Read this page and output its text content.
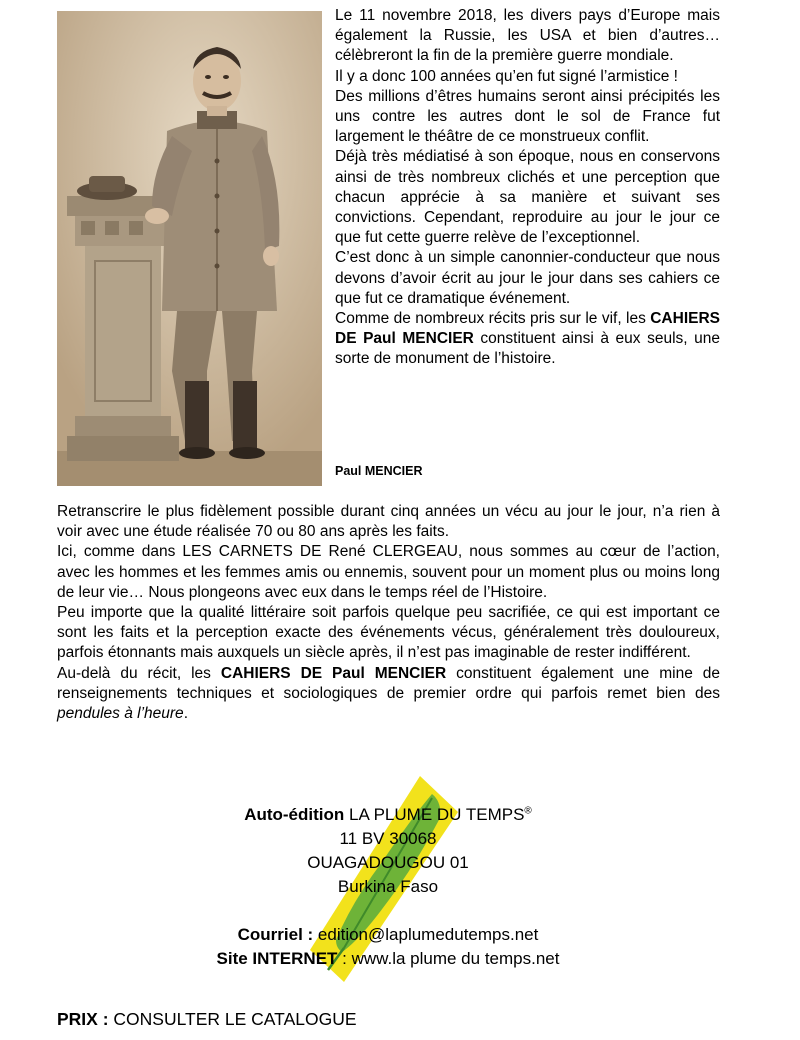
Le 11 novembre 2018, les divers pays d’Europe mais également la Russie, les USA et bien d’autres… célèbreront la fin de la première guerre mondiale.

Il y a donc 100 années qu’en fut signé l’armistice !

Des millions d’êtres humains seront ainsi précipités les uns contre les autres dont le sol de France fut largement le théâtre de ce monstrueux conflit.

Déjà très médiatisé à son époque, nous en conservons ainsi de très nombreux clichés et une perception que chacun apprécie à sa manière et suivant ses convictions. Cependant, reproduire au jour le jour ce que fut cette guerre relève de l’exceptionnel.

C’est donc à un simple canonnier-conducteur que nous devons d’avoir écrit au jour le jour dans ses cahiers ce que fut ce dramatique événement.

Comme de nombreux récits pris sur le vif, les CAHIERS DE Paul MENCIER constituent ainsi à eux seuls, une sorte de monument de l’histoire.

Paul MENCIER

Retranscrire le plus fidèlement possible durant cinq années un vécu au jour le jour, n’a rien à voir avec une étude réalisée 70 ou 80 ans après les faits.

Ici, comme dans LES CARNETS DE René CLERGEAU, nous sommes au cœur de l’action, avec les hommes et les femmes amis ou ennemis, souvent pour un moment plus ou moins long de leur vie… Nous plongeons avec eux dans le temps réel de l’Histoire.

Peu importe que la qualité littéraire soit parfois quelque peu sacrifiée, ce qui est important ce sont les faits et la perception exacte des événements vécus, généralement très douloureux, parfois étonnants mais auxquels un siècle après, il n’est pas imaginable de rester indifférent.

Au-delà du récit, les CAHIERS DE Paul MENCIER constituent également une mine de renseignements techniques et sociologiques de premier ordre qui parfois remet bien des pendules à l’heure.

Auto-édition LA PLUME DU TEMPS®
11 BV 30068
OUAGADOUGOU 01
Burkina Faso
Courriel : edition@laplumedutemps.net
Site INTERNET : www.la plume du temps.net
PRIX : CONSULTER LE CATALOGUE
